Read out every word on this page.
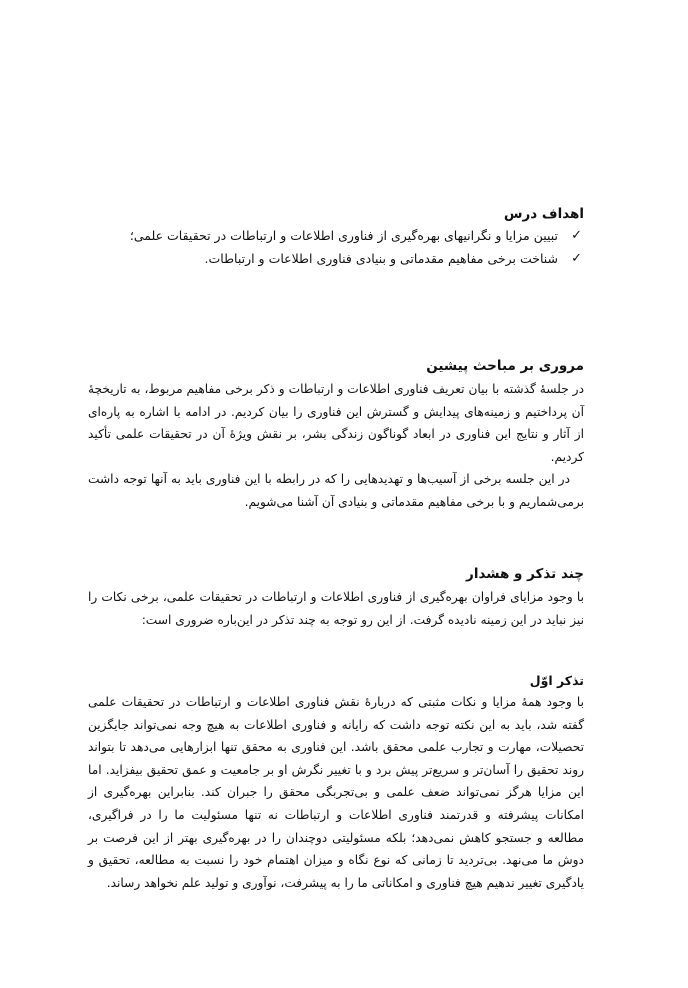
اهداف درس
✓
تبیین مزایا و نگرانیهای بهره‌گیری از فناوری اطلاعات و ارتباطات در تحقیقات علمی؛
✓
شناخت برخی مفاهیم مقدماتی و بنیادی فناوری اطلاعات و ارتباطات.
مروری بر مباحث پیشین

در جلسۀ گذشته با بیان تعریف فناوری اطلاعات و ارتباطات و ذکر برخی مفاهیم مربوط، به تاریخچۀ آن پرداختیم و زمینه‌های پیدایش و گسترش این فناوری را بیان کردیم. در ادامه با اشاره به پاره‌ای از آثار و نتایج این فناوری در ابعاد گوناگون زندگی بشر، بر نقش ویژۀ آن در تحقیقات علمی تأکید کردیم.

در این جلسه برخی از آسیب‌ها و تهدیدهایی را که در رابطه با این فناوری باید به آنها توجه داشت برمی‌شماریم و با برخی مفاهیم مقدماتی و بنیادی آن آشنا می‌شویم.

چند تذکر و هشدار

با وجود مزایای فراوان بهره‌گیری از فناوری اطلاعات و ارتباطات در تحقیقات علمی، برخی نکات را نیز نباید در این زمینه نادیده گرفت. از این رو توجه به چند تذکر در این‌باره ضروری است:

تذکر اوّل

با وجود همۀ مزایا و نکات مثبتی که دربارۀ نقش فناوری اطلاعات و ارتباطات در تحقیقات علمی گفته شد، باید به این نکته توجه داشت که رایانه و فناوری اطلاعات به هیچ وجه نمی‌تواند جایگزین تحصیلات، مهارت و تجارب علمی محقق باشد. این فناوری به محقق تنها ابزارهایی می‌دهد تا بتواند روند تحقیق را آسان‌تر و سریع‌تر پیش برد و با تغییر نگرش او بر جامعیت و عمق تحقیق بیفزاید. اما این مزایا هرگز نمی‌تواند ضعف علمی و بی‌تجربگی محقق را جبران کند. بنابراین بهره‌گیری از امکانات پیشرفته و قدرتمند فناوری اطلاعات و ارتباطات نه تنها مسئولیت ما را در فراگیری، مطالعه و جستجو کاهش نمی‌دهد؛ بلکه مسئولیتی دوچندان را در بهره‌گیری بهتر از این فرصت بر دوش ما می‌نهد. بی‌تردید تا زمانی که نوع نگاه و میزان اهتمام خود را نسبت به مطالعه، تحقیق و یادگیری تغییر ندهیم هیچ فناوری و امکاناتی ما را به پیشرفت، نوآوری و تولید علم نخواهد رساند.
